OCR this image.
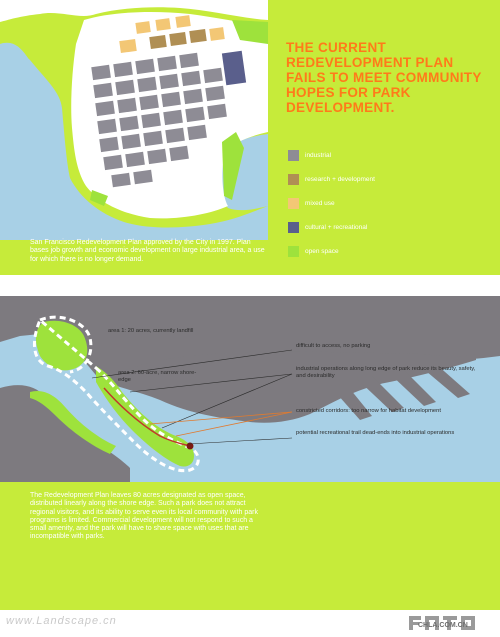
THE CURRENT REDEVELOPMENT PLAN FAILS TO MEET COMMUNITY HOPES FOR PARK DEVELOPMENT.
industrial
research + development
mixed use
cultural + recreational
open space

San Francisco Redevelopment Plan approved by the City in 1997. Plan bases job growth and economic development on large industrial area, a use for which there is no longer demand.

area 1: 20 acres, currently landfill
area 2: 60-acre, narrow shore-edge
difficult to access, no parking
industrial operations along long edge of park reduce its beauty, safety, and desirability
constricted corridors: too narrow for habitat development
potential recreational trail dead-ends into industrial operations

The Redevelopment Plan leaves 80 acres designated as open space, distributed linearly along the shore edge. Such a park does not attract regional visitors, and its ability to serve even its local community with park programs is limited. Commercial development will not respond to such a small amenity, and the park will have to share space with uses that are incompatible with parks.

www.Landscape.cn	CHLA.COM.CN
